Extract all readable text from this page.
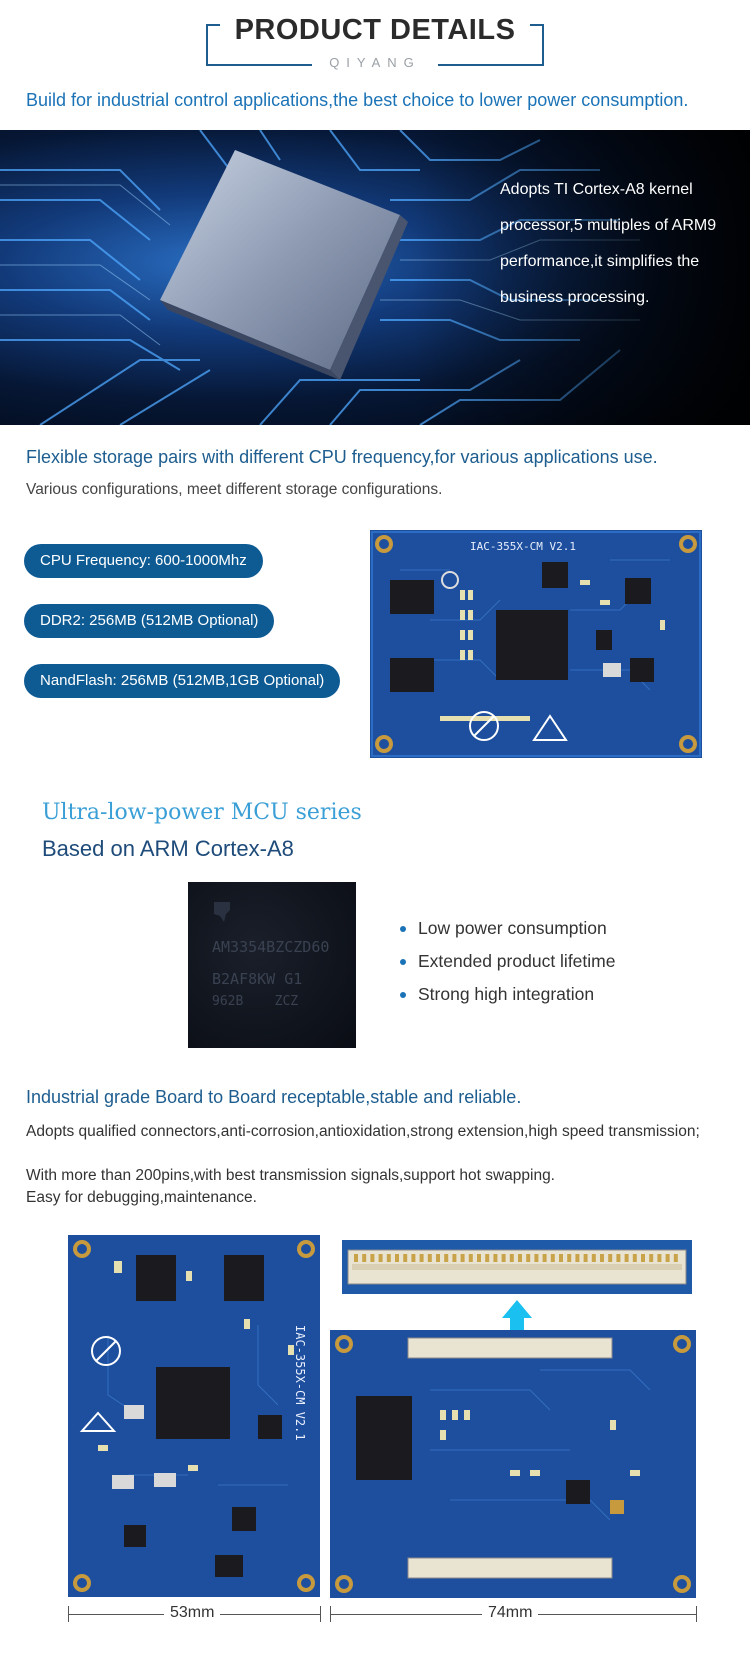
PRODUCT DETAILS
QIYANG
Build for industrial control applications,the best choice to lower power consumption.
Adopts TI Cortex-A8 kernel processor,5 multiples of ARM9 performance,it simplifies the business processing.
Flexible storage pairs with different CPU frequency,for various applications use.
Various configurations, meet different storage configurations.
CPU Frequency: 600-1000Mhz
DDR2: 256MB (512MB Optional)
NandFlash: 256MB (512MB,1GB Optional)
IAC-355X-CM V2.1
Ultra-low-power MCU series
Based on ARM Cortex-A8
AM3354BZCZD60
B2AF8KW G1
962B    ZCZ
Low power consumption
Extended product lifetime
Strong high integration
Industrial grade Board to Board receptable,stable and reliable.
Adopts qualified connectors,anti-corrosion,antioxidation,strong extension,high speed transmission;
With more than 200pins,with best transmission signals,support hot swapping.
Easy for debugging,maintenance.
IAC-355X-CM V2.1
53mm	74mm
